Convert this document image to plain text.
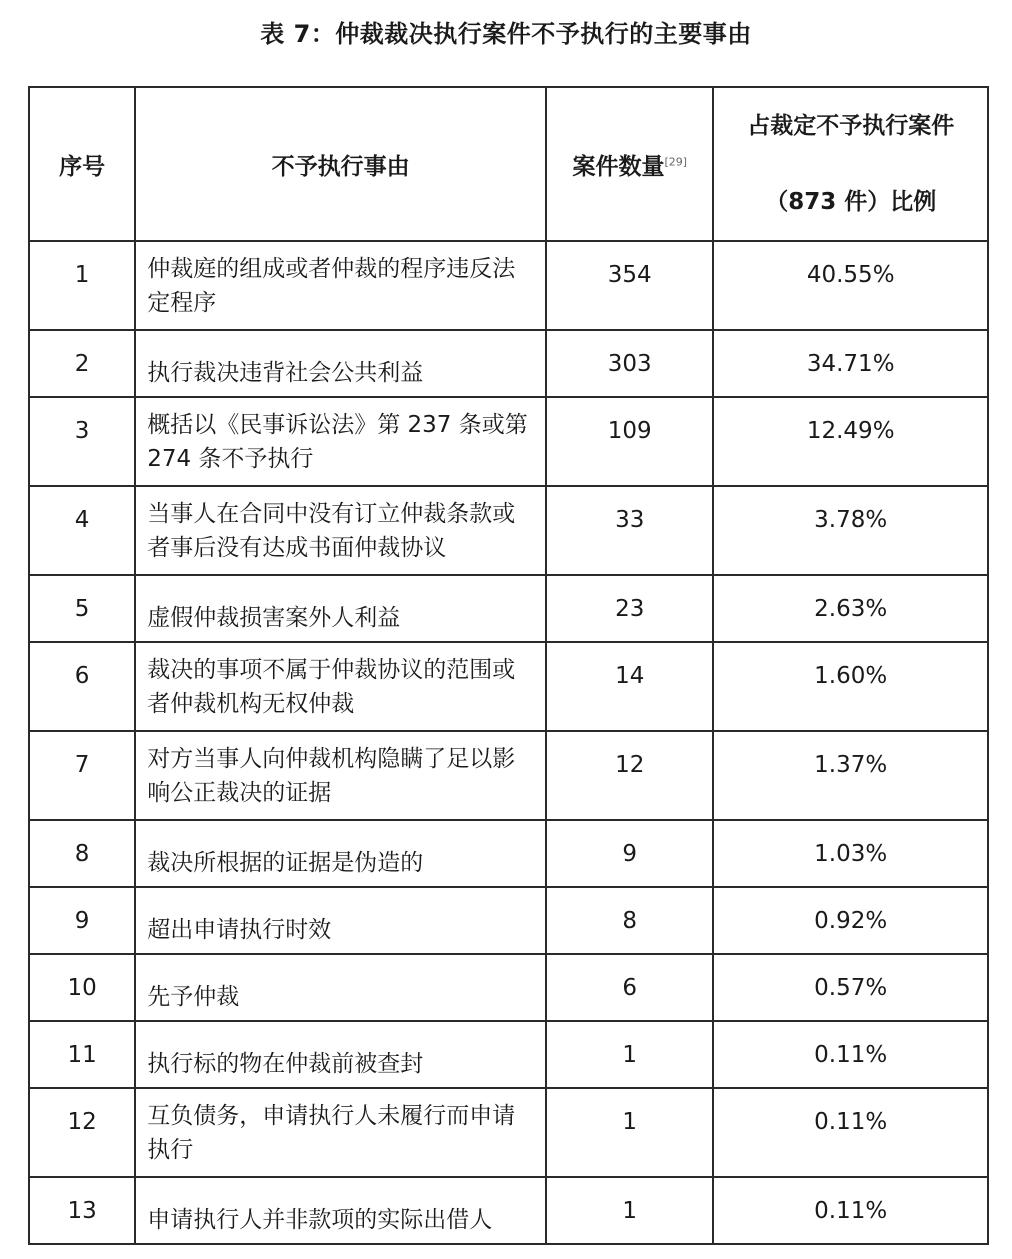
表 7：仲裁裁决执行案件不予执行的主要事由
序号	不予执行事由	案件数量[29]	占裁定不予执行案件
（873 件）比例

1	仲裁庭的组成或者仲裁的程序违反法定程序	354	40.55%

2	执行裁决违背社会公共利益	303	34.71%

3	概括以《民事诉讼法》第 237 条或第 274 条不予执行	109	12.49%

4	当事人在合同中没有订立仲裁条款或者事后没有达成书面仲裁协议	33	3.78%

5	虚假仲裁损害案外人利益	23	2.63%

6	裁决的事项不属于仲裁协议的范围或者仲裁机构无权仲裁	14	1.60%

7	对方当事人向仲裁机构隐瞒了足以影响公正裁决的证据	12	1.37%

8	裁决所根据的证据是伪造的	9	1.03%

9	超出申请执行时效	8	0.92%

10	先予仲裁	6	0.57%

11	执行标的物在仲裁前被查封	1	0.11%

12	互负债务，申请执行人未履行而申请执行	1	0.11%

13	申请执行人并非款项的实际出借人	1	0.11%
